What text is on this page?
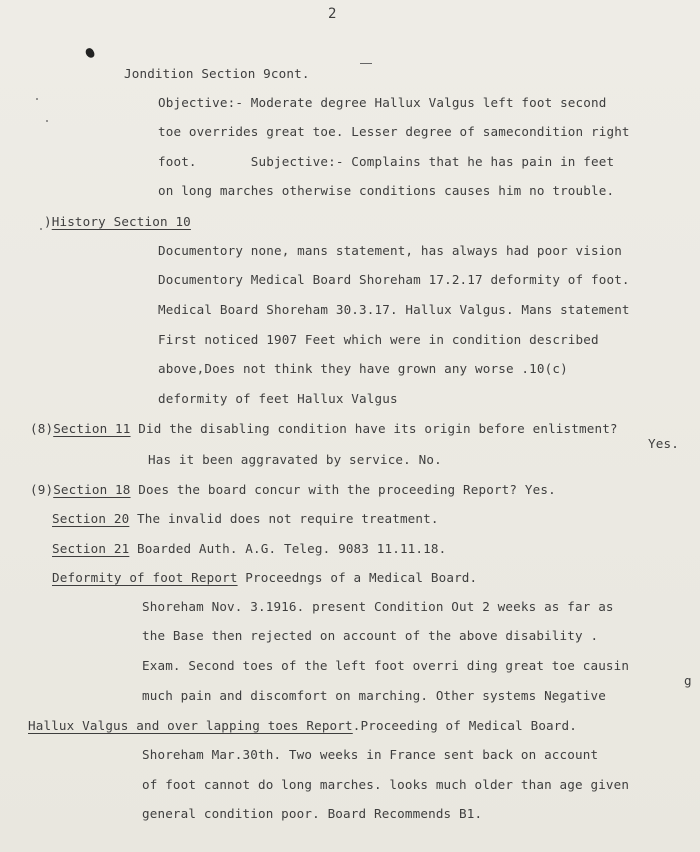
2
Jondition Section 9cont.
Objective:- Moderate degree Hallux Valgus left foot second
toe overrides great toe. Lesser degree of samecondition right
foot.       Subjective:- Complains that he has pain in feet
on long marches otherwise conditions causes him no trouble.
)History Section 10
Documentory none, mans statement, has always had poor vision
Documentory Medical Board Shoreham 17.2.17 deformity of foot.
Medical Board Shoreham 30.3.17. Hallux Valgus. Mans statement
First noticed 1907 Feet which were in condition described
above,Does not think they have grown any worse .10(c)
deformity of feet Hallux Valgus
(8)Section 11 Did the disabling condition have its origin before enlistment?
Yes.
Has it been aggravated by service. No.
(9)Section 18 Does the board concur with the proceeding Report? Yes.
Section 20 The invalid does not require treatment.
Section 21 Boarded Auth. A.G. Teleg. 9083 11.11.18.
Deformity of foot Report Proceedngs of a Medical Board.
Shoreham Nov. 3.1916. present Condition Out 2 weeks as far as
the Base then rejected on account of the above disability .
Exam. Second toes of the left foot overri ding great toe causin
g
much pain and discomfort on marching. Other systems Negative
Hallux Valgus and over lapping toes Report.Proceeding of Medical Board.
Shoreham Mar.30th. Two weeks in France sent back on account
of foot cannot do long marches. looks much older than age given
general condition poor. Board Recommends B1.
